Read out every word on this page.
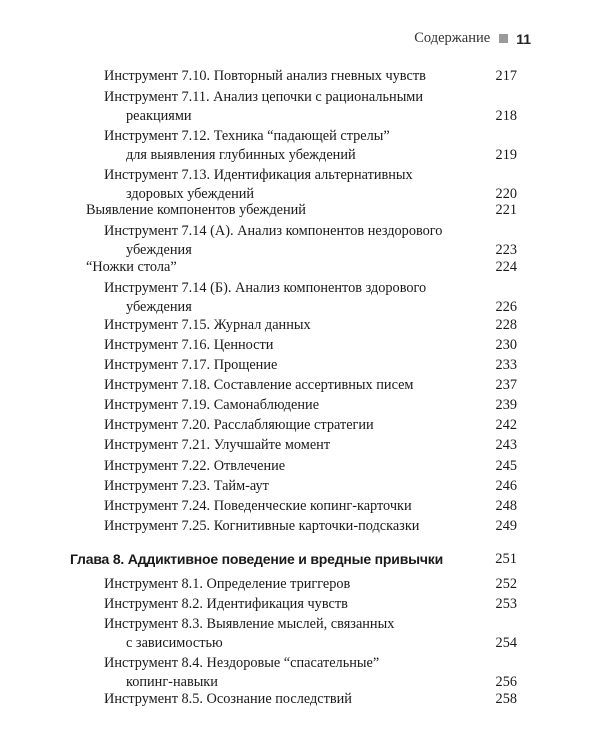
Содержание 11
Инструмент 7.10. Повторный анализ гневных чувств	217
Инструмент 7.11. Анализ цепочки с рациональными
реакциями	218
Инструмент 7.12. Техника “падающей стрелы”
для выявления глубинных убеждений	219
Инструмент 7.13. Идентификация альтернативных
здоровых убеждений	220
Выявление компонентов убеждений	221
Инструмент 7.14 (А). Анализ компонентов нездорового
убеждения	223
“Ножки стола”	224
Инструмент 7.14 (Б). Анализ компонентов здорового
убеждения	226
Инструмент 7.15. Журнал данных	228
Инструмент 7.16. Ценности	230
Инструмент 7.17. Прощение	233
Инструмент 7.18. Составление ассертивных писем	237
Инструмент 7.19. Самонаблюдение	239
Инструмент 7.20. Расслабляющие стратегии	242
Инструмент 7.21. Улучшайте момент	243
Инструмент 7.22. Отвлечение	245
Инструмент 7.23. Тайм-аут	246
Инструмент 7.24. Поведенческие копинг-карточки	248
Инструмент 7.25. Когнитивные карточки-подсказки	249
Глава 8. Аддиктивное поведение и вредные привычки	251
Инструмент 8.1. Определение триггеров	252
Инструмент 8.2. Идентификация чувств	253
Инструмент 8.3. Выявление мыслей, связанных
с зависимостью	254
Инструмент 8.4. Нездоровые “спасательные”
копинг-навыки	256
Инструмент 8.5. Осознание последствий	258
